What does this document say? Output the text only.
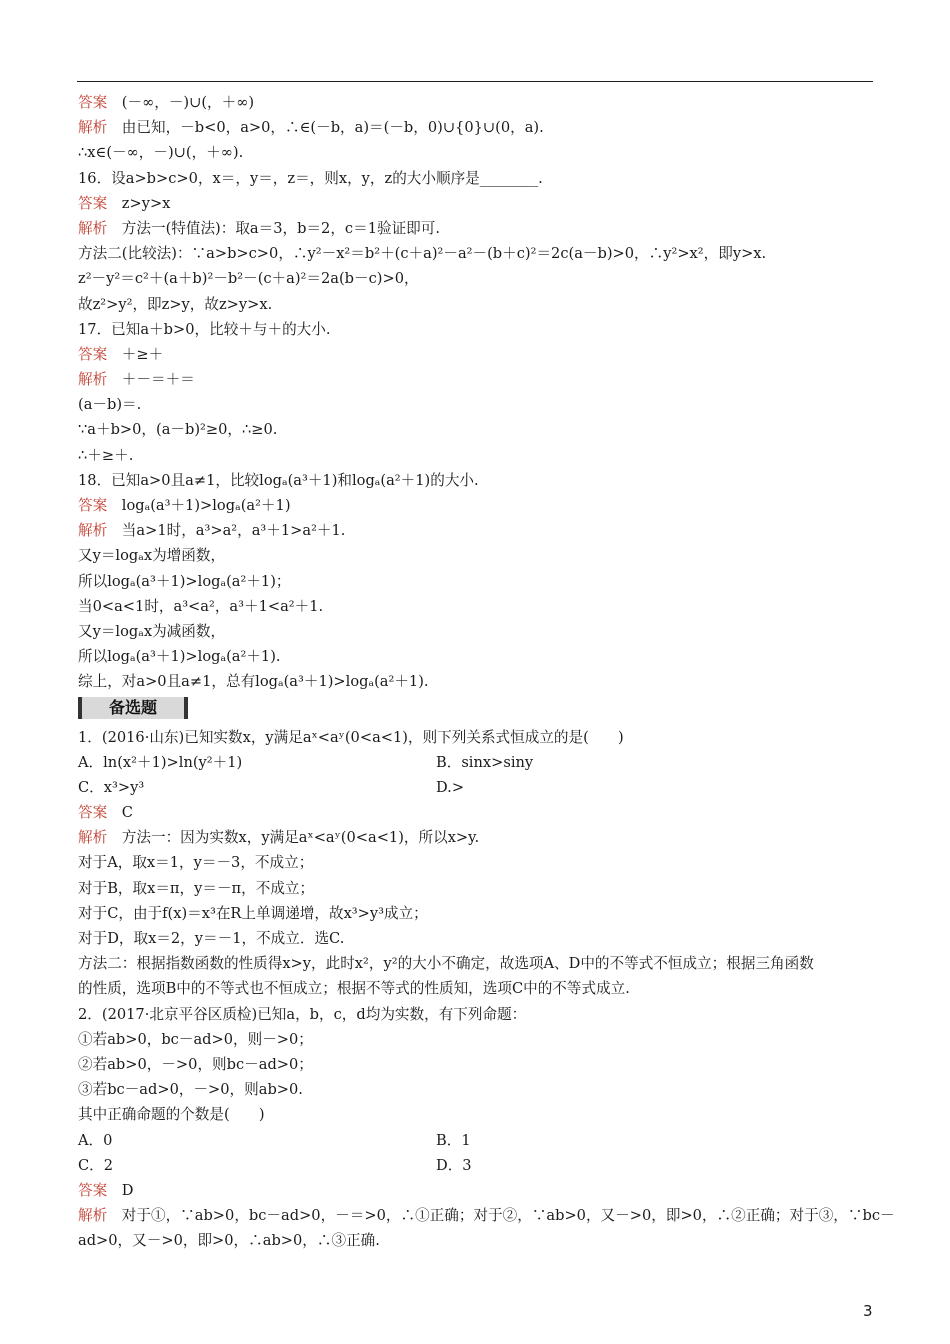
答案　(－∞，－)∪(，＋∞)
解析　由已知，－b<0，a>0，∴∈(－b，a)＝(－b，0)∪{0}∪(0，a).
∴x∈(－∞，－)∪(，＋∞).
16．设a>b>c>0，x＝，y＝，z＝，则x，y，z的大小顺序是________.
答案　z>y>x
解析　方法一(特值法)：取a＝3，b＝2，c＝1验证即可.
方法二(比较法)：∵a>b>c>0，∴y²－x²＝b²＋(c＋a)²－a²－(b＋c)²＝2c(a－b)>0，∴y²>x²，即y>x.
z²－y²＝c²＋(a＋b)²－b²－(c＋a)²＝2a(b－c)>0，
故z²>y²，即z>y，故z>y>x.
17．已知a＋b>0，比较＋与＋的大小.
答案　＋≥＋
解析　＋－＝＋＝
(a－b)＝.
∵a＋b>0，(a－b)²≥0，∴≥0.
∴＋≥＋.
18．已知a>0且a≠1，比较logₐ(a³＋1)和logₐ(a²＋1)的大小.
答案　logₐ(a³＋1)>logₐ(a²＋1)
解析　当a>1时，a³>a²，a³＋1>a²＋1.
又y＝logₐx为增函数，
所以logₐ(a³＋1)>logₐ(a²＋1)；
当0<a<1时，a³<a²，a³＋1<a²＋1.
又y＝logₐx为减函数，
所以logₐ(a³＋1)>logₐ(a²＋1).
综上，对a>0且a≠1，总有logₐ(a³＋1)>logₐ(a²＋1).
备选题
1．(2016·山东)已知实数x，y满足aˣ<aʸ(0<a<1)，则下列关系式恒成立的是(　　)
A．ln(x²＋1)>ln(y²＋1)	B．sinx>siny
C．x³>y³	D.>
答案　C
解析　方法一：因为实数x，y满足aˣ<aʸ(0<a<1)，所以x>y.
对于A，取x＝1，y＝－3，不成立；
对于B，取x＝π，y＝－π，不成立；
对于C，由于f(x)＝x³在R上单调递增，故x³>y³成立；
对于D，取x＝2，y＝－1，不成立．选C.
方法二：根据指数函数的性质得x>y，此时x²，y²的大小不确定，故选项A、D中的不等式不恒成立；根据三角函数
的性质，选项B中的不等式也不恒成立；根据不等式的性质知，选项C中的不等式成立.
2．(2017·北京平谷区质检)已知a，b，c，d均为实数，有下列命题：
①若ab>0，bc－ad>0，则－>0；
②若ab>0，－>0，则bc－ad>0；
③若bc－ad>0，－>0，则ab>0.
其中正确命题的个数是(　　)
A．0	B．1
C．2	D．3
答案　D
解析　对于①，∵ab>0，bc－ad>0，－＝>0，∴①正确；对于②，∵ab>0，又－>0，即>0，∴②正确；对于③，∵bc－
ad>0，又－>0，即>0，∴ab>0，∴③正确.
3
